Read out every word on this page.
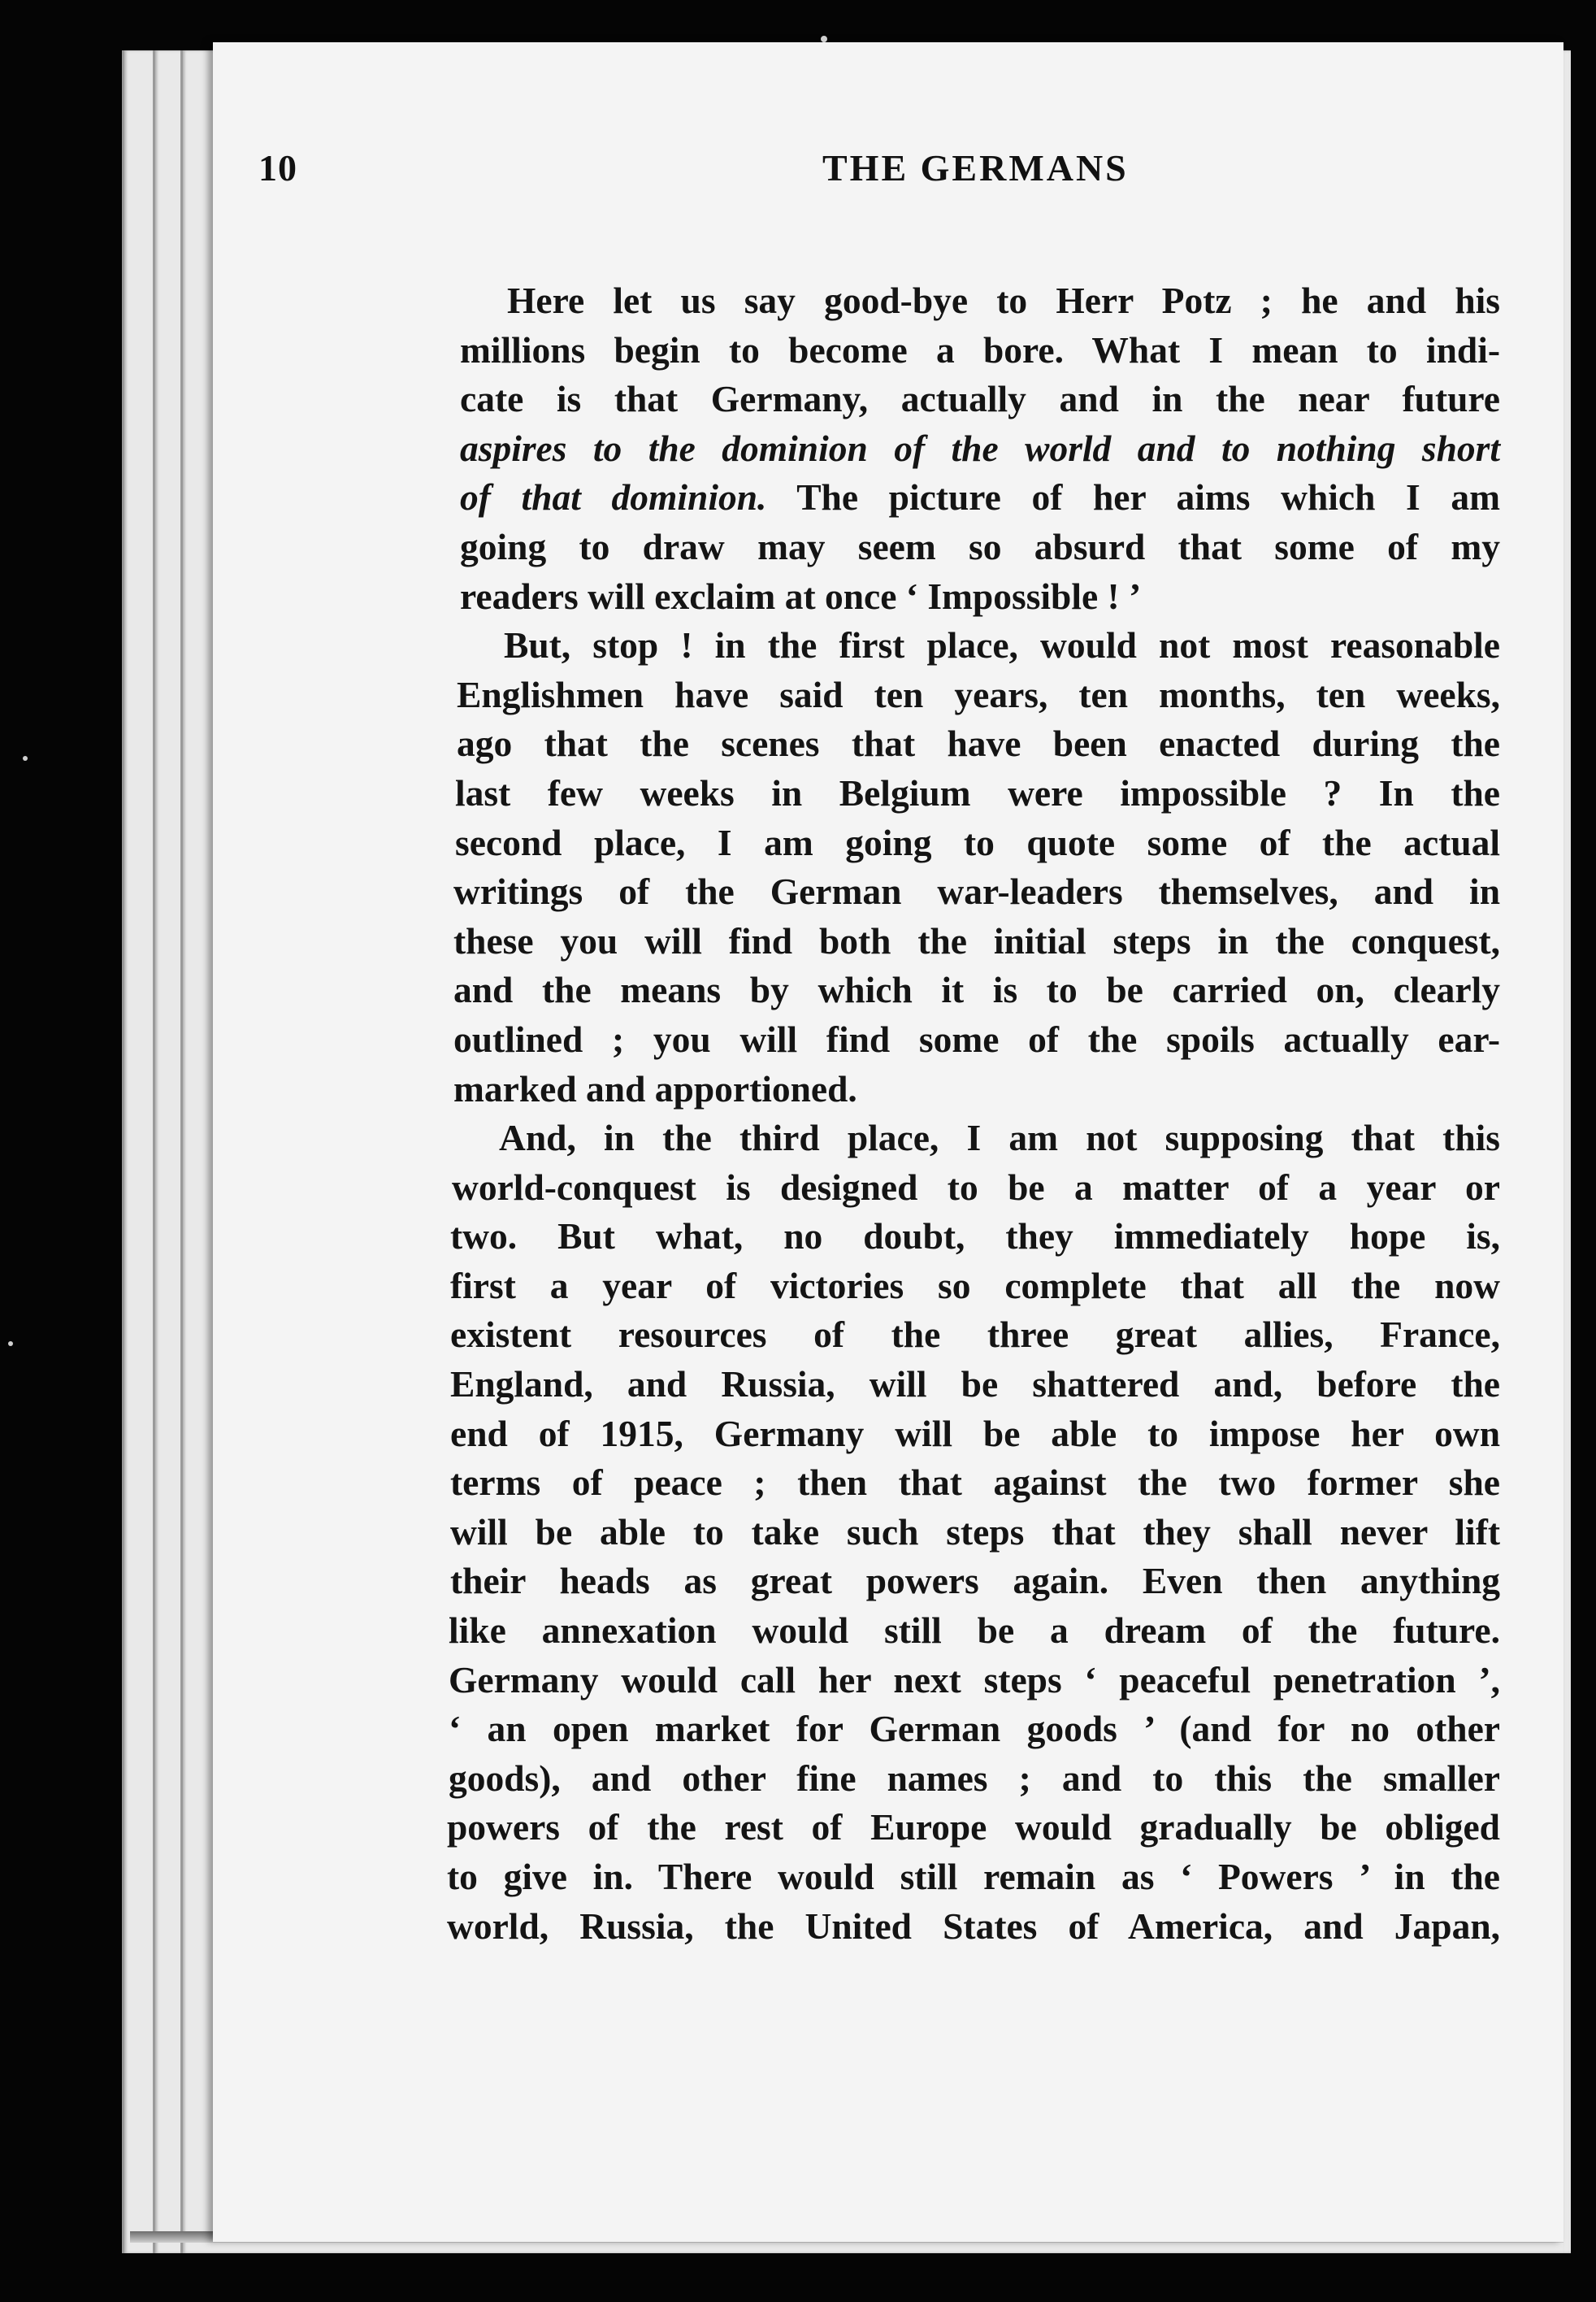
10	THE GERMANS
Here let us say good-bye to Herr Potz ; he and his
millions begin to become a bore. What I mean to indi-
cate is that Germany, actually and in the near future
aspires to the dominion of the world and to nothing short
of that dominion. The picture of her aims which I am
going to draw may seem so absurd that some of my
readers will exclaim at once ‘ Impossible ! ’
But, stop ! in the first place, would not most reasonable
Englishmen have said ten years, ten months, ten weeks,
ago that the scenes that have been enacted during the
last few weeks in Belgium were impossible ? In the
second place, I am going to quote some of the actual
writings of the German war-leaders themselves, and in
these you will find both the initial steps in the conquest,
and the means by which it is to be carried on, clearly
outlined ; you will find some of the spoils actually ear-
marked and apportioned.
And, in the third place, I am not supposing that this
world-conquest is designed to be a matter of a year or
two. But what, no doubt, they immediately hope is,
first a year of victories so complete that all the now
existent resources of the three great allies, France,
England, and Russia, will be shattered and, before the
end of 1915, Germany will be able to impose her own
terms of peace ; then that against the two former she
will be able to take such steps that they shall never lift
their heads as great powers again. Even then anything
like annexation would still be a dream of the future.
Germany would call her next steps ‘ peaceful penetration ’,
‘ an open market for German goods ’ (and for no other
goods), and other fine names ; and to this the smaller
powers of the rest of Europe would gradually be obliged
to give in. There would still remain as ‘ Powers ’ in the
world, Russia, the United States of America, and Japan,
